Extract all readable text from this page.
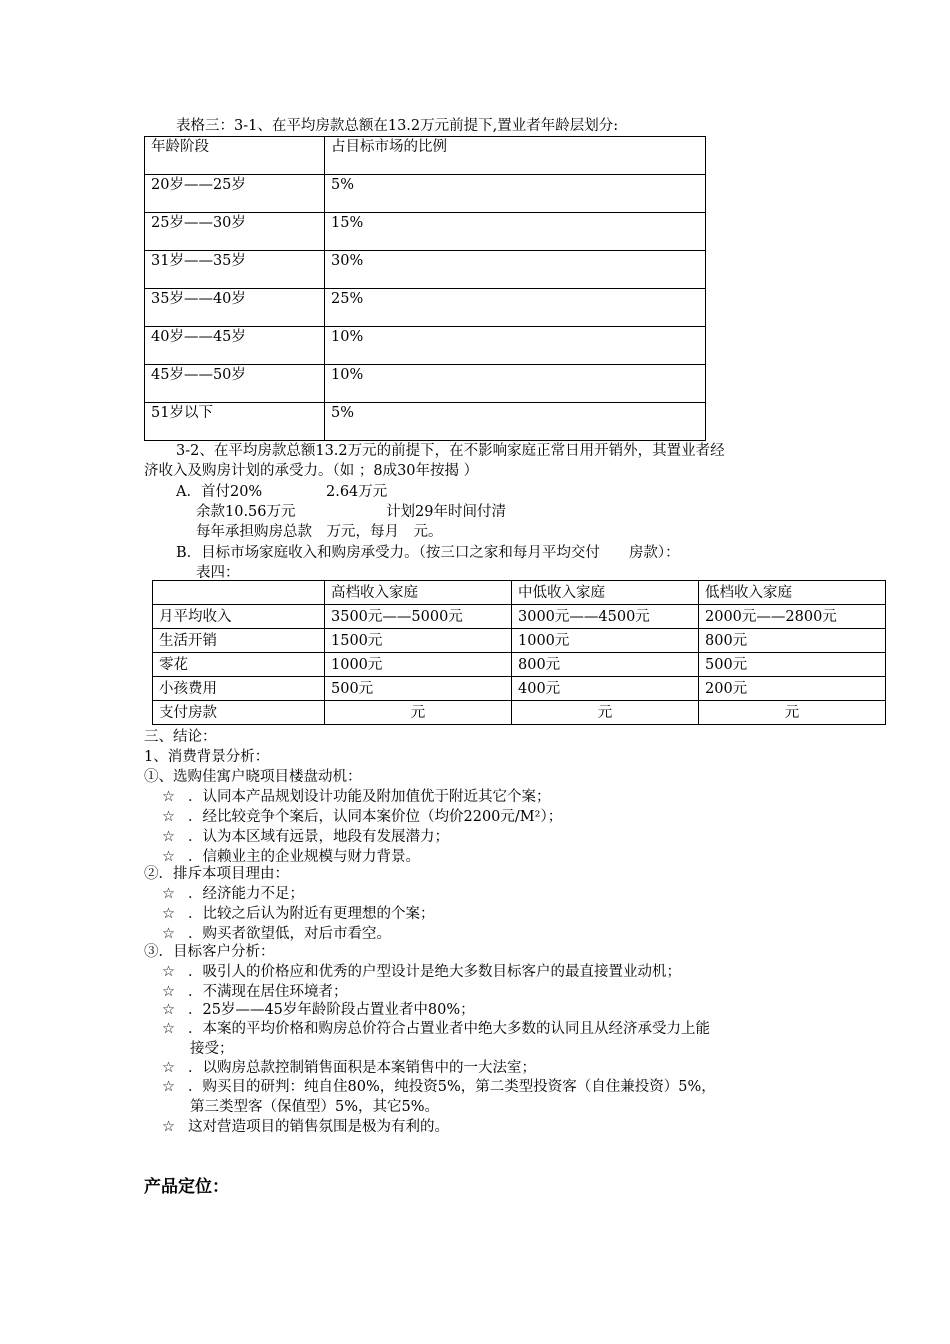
表格三：3-1、在平均房款总额在13.2万元前提下,置业者年龄层划分:
年龄阶段	占目标市场的比例
20岁——25岁	5%
25岁——30岁	15%
31岁——35岁	30%
35岁——40岁	25%
40岁——45岁	10%
45岁——50岁	10%
51岁以下	5%
3-2、在平均房款总额13.2万元的前提下，在不影响家庭正常日用开销外，其置业者经
济收入及购房计划的承受力。（如 ；8成30年按揭 ）
A．首付20%	2.64万元
余款10.56万元	计划29年时间付清
每年承担购房总款　万元，每月　元。
B．目标市场家庭收入和购房承受力。（按三口之家和每月平均交付　　房款）：
表四：
	高档收入家庭	中低收入家庭	低档收入家庭
月平均收入	3500元——5000元	3000元——4500元	2000元——2800元
生活开销	1500元	1000元	800元
零花	1000元	800元	500元
小孩费用	500元	400元	200元
支付房款	元	元	元
三、结论：
1、消费背景分析：
①、选购佳寓户晓项目楼盘动机：
☆ ．认同本产品规划设计功能及附加值优于附近其它个案；
☆ ．经比较竞争个案后，认同本案价位（均价2200元/M²）；
☆ ．认为本区域有远景，地段有发展潜力；
☆ ．信赖业主的企业规模与财力背景。
②．排斥本项目理由：
☆ ．经济能力不足；
☆ ．比较之后认为附近有更理想的个案；
☆ ．购买者欲望低，对后市看空。
③．目标客户分析：
☆ ．吸引人的价格应和优秀的户型设计是绝大多数目标客户的最直接置业动机；
☆ ．不满现在居住环境者；
☆ ．25岁——45岁年龄阶段占置业者中80%；
☆ ．本案的平均价格和购房总价符合占置业者中绝大多数的认同且从经济承受力上能
接受；
☆ ．以购房总款控制销售面积是本案销售中的一大法室；
☆ ．购买目的研判：纯自住80%，纯投资5%，第二类型投资客（自住兼投资）5%，
第三类型客（保值型）5%，其它5%。
☆ 这对营造项目的销售氛围是极为有利的。
产品定位：
